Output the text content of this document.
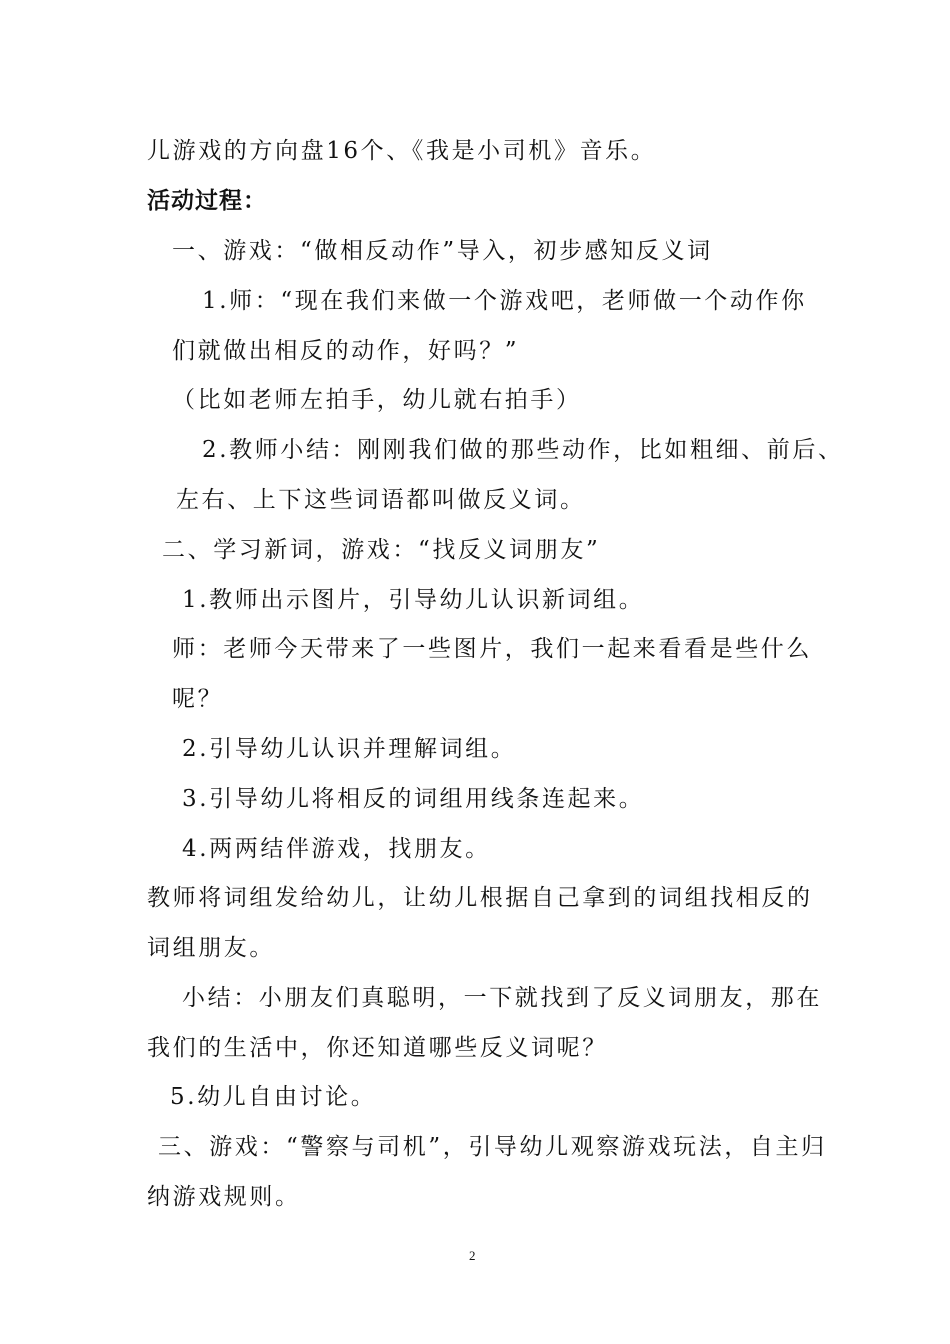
儿游戏的方向盘16个、《我是小司机》音乐。
活动过程：
一、游戏：“做相反动作”导入，初步感知反义词
1.师：“现在我们来做一个游戏吧，老师做一个动作你
们就做出相反的动作，好吗？”
（比如老师左拍手，幼儿就右拍手）
2.教师小结：刚刚我们做的那些动作，比如粗细、前后、
左右、上下这些词语都叫做反义词。
二、学习新词，游戏：“找反义词朋友”
1.教师出示图片，引导幼儿认识新词组。
师：老师今天带来了一些图片，我们一起来看看是些什么
呢？
2.引导幼儿认识并理解词组。
3.引导幼儿将相反的词组用线条连起来。
4.两两结伴游戏，找朋友。
教师将词组发给幼儿，让幼儿根据自己拿到的词组找相反的
词组朋友。
小结：小朋友们真聪明，一下就找到了反义词朋友，那在
我们的生活中，你还知道哪些反义词呢？
5.幼儿自由讨论。
三、游戏：“警察与司机”，引导幼儿观察游戏玩法，自主归
纳游戏规则。
2
